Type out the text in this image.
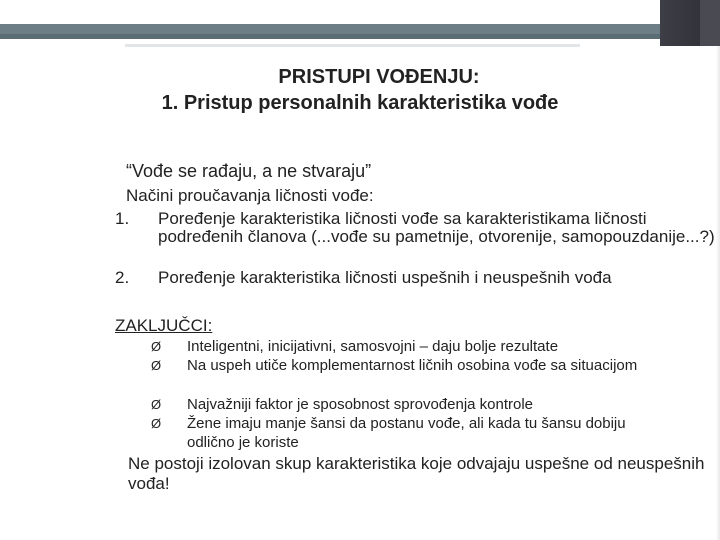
PRISTUPI VOĐENJU:
1. Pristup personalnih karakteristika vođe
“Vođe se rađaju, a ne stvaraju”
Načini proučavanja ličnosti vođe:
1. Poređenje karakteristika ličnosti vođe sa karakteristikama ličnosti podređenih članova (...vođe su pametnije, otvorenije, samopouzdanije...?)
2. Poređenje karakteristika ličnosti uspešnih i neuspešnih vođa
ZAKLJUČCI:
Ø Inteligentni, inicijativni, samosvojni – daju bolje rezultate
Ø Na uspeh utiče komplementarnost ličnih osobina vođe sa situacijom
Ø Najvažniji faktor je sposobnost sprovođenja kontrole
Ø Žene imaju manje šansi da postanu vođe, ali kada tu šansu dobiju odlično je koriste
Ne postoji izolovan skup karakteristika koje odvajaju uspešne od neuspešnih vođa!
